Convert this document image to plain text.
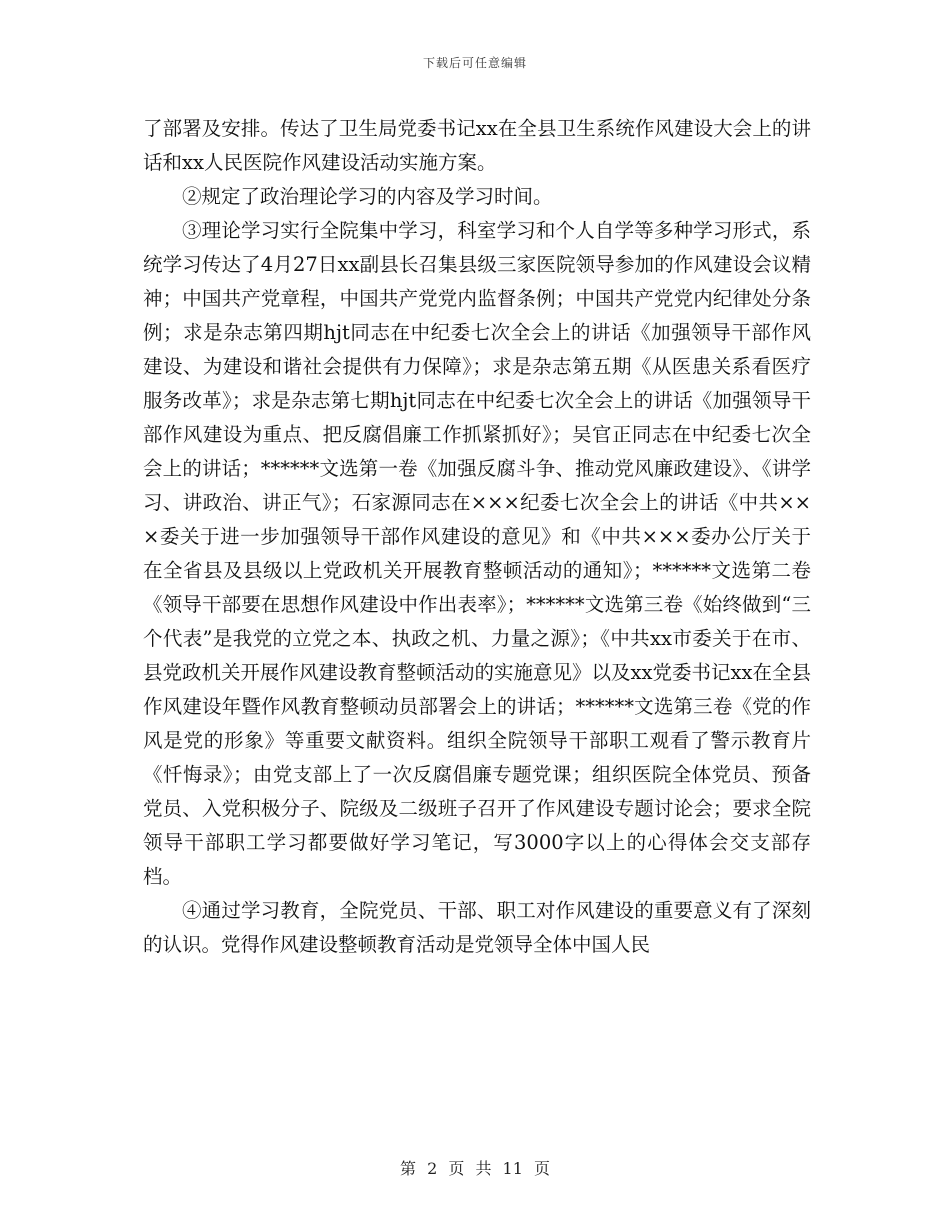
下载后可任意编辑

了部署及安排。传达了卫生局党委书记xx在全县卫生系统作风建设大会上的讲话和xx人民医院作风建设活动实施方案。

②规定了政治理论学习的内容及学习时间。

③理论学习实行全院集中学习，科室学习和个人自学等多种学习形式，系统学习传达了4月27日xx副县长召集县级三家医院领导参加的作风建设会议精神；中国共产党章程，中国共产党党内监督条例；中国共产党党内纪律处分条例；求是杂志第四期hjt同志在中纪委七次全会上的讲话《加强领导干部作风建设、为建设和谐社会提供有力保障》；求是杂志第五期《从医患关系看医疗服务改革》；求是杂志第七期hjt同志在中纪委七次全会上的讲话《加强领导干部作风建设为重点、把反腐倡廉工作抓紧抓好》；吴官正同志在中纪委七次全会上的讲话；******文选第一卷《加强反腐斗争、推动党风廉政建设》、《讲学习、讲政治、讲正气》；石家源同志在×××纪委七次全会上的讲话《中共×××委关于进一步加强领导干部作风建设的意见》和《中共×××委办公厅关于在全省县及县级以上党政机关开展教育整顿活动的通知》；******文选第二卷《领导干部要在思想作风建设中作出表率》；******文选第三卷《始终做到“三个代表”是我党的立党之本、执政之机、力量之源》；《中共xx市委关于在市、县党政机关开展作风建设教育整顿活动的实施意见》以及xx党委书记xx在全县作风建设年暨作风教育整顿动员部署会上的讲话；******文选第三卷《党的作风是党的形象》等重要文献资料。组织全院领导干部职工观看了警示教育片《忏悔录》；由党支部上了一次反腐倡廉专题党课；组织医院全体党员、预备党员、入党积极分子、院级及二级班子召开了作风建设专题讨论会；要求全院领导干部职工学习都要做好学习笔记，写3000字以上的心得体会交支部存档。

④通过学习教育，全院党员、干部、职工对作风建设的重要意义有了深刻的认识。党得作风建设整顿教育活动是党领导全体中国人民

第 2 页 共 11 页
